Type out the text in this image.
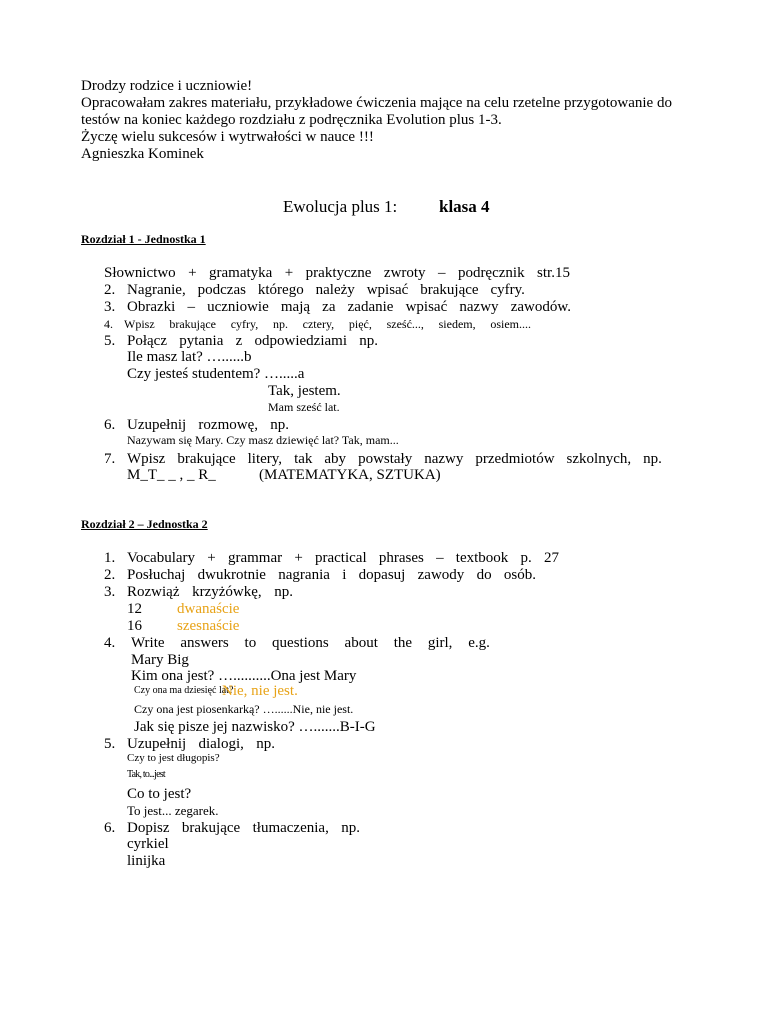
Drodzy rodzice i uczniowie!
Opracowałam zakres materiału, przykładowe ćwiczenia mające na celu rzetelne przygotowanie do
testów na koniec każdego rozdziału z podręcznika Evolution plus 1-3.
Życzę wielu sukcesów i wytrwałości w nauce !!!
Agnieszka Kominek
Ewolucja plus 1: klasa 4
Rozdział 1 - Jednostka 1
Słownictwo + gramatyka + praktyczne zwroty – podręcznik str.15
2. Nagranie, podczas którego należy wpisać brakujące cyfry.
3. Obrazki – uczniowie mają za zadanie wpisać nazwy zawodów.
4. Wpisz brakujące cyfry, np. cztery, pięć, sześć..., siedem, osiem....
5. Połącz pytania z odpowiedziami np.
Ile masz lat? …......b
Czy jesteś studentem? ….....a
Tak, jestem.
Mam sześć lat.
6. Uzupełnij rozmowę, np.
Nazywam się Mary. Czy masz dziewięć lat? Tak, mam...
7. Wpisz brakujące litery, tak aby powstały nazwy przedmiotów szkolnych, np.
M_T_ _ , _ R_	(MATEMATYKA, SZTUKA)
Rozdział 2 – Jednostka 2
1. Vocabulary + grammar + practical phrases – textbook p. 27
2. Posłuchaj dwukrotnie nagrania i dopasuj zawody do osób.
3. Rozwiąż krzyżówkę, np.
12 dwanaście
16 szesnaście
4. Write answers to questions about the girl, e.g.
Mary Big
Kim ona jest? …..........Ona jest Mary
Czy ona ma dziesięć lat?
Nie, nie jest.
Czy ona jest piosenkarką? …......Nie, nie jest.
Jak się pisze jej nazwisko? ….......B-I-G
5. Uzupełnij dialogi, np.
Czy to jest długopis?
Tak, to...jest
Co to jest?
To jest... zegarek.
6. Dopisz brakujące tłumaczenia, np.
cyrkiel
linijka
